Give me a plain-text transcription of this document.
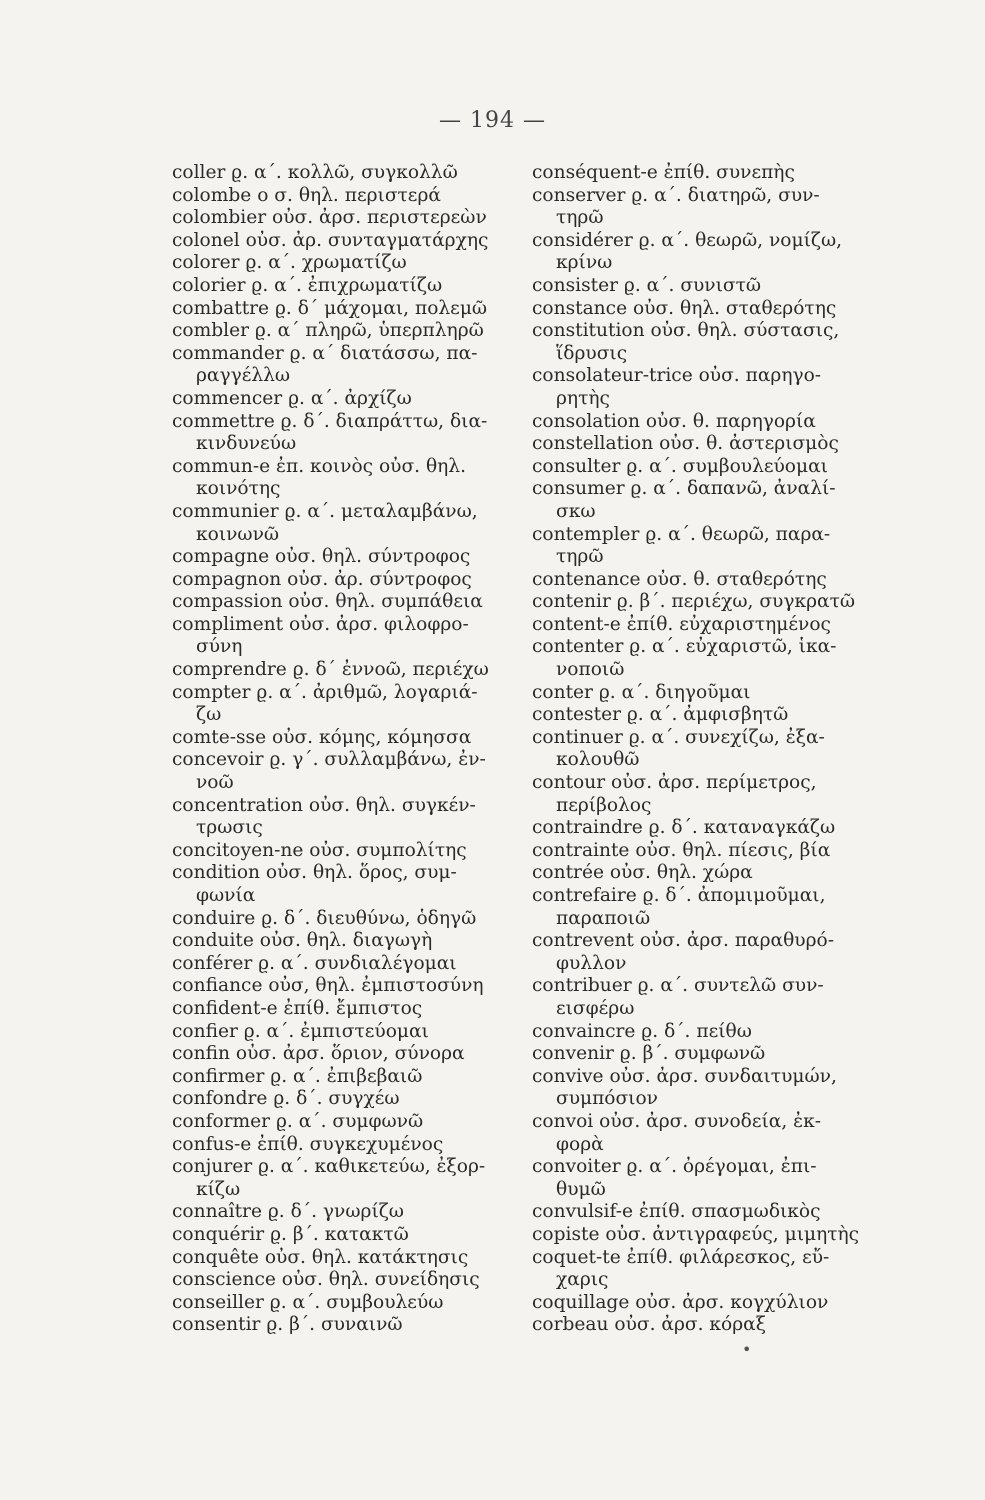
— 194 —
coller ϱ. α΄. κολλῶ, συγκολλῶ
colombe ο σ. θηλ. περιστερά
colombier οὐσ. ἀρσ. περιστερεὼν
colonel οὐσ. ἀρ. συνταγματάρχης
colorer ϱ. α΄. χρωματίζω
colorier ϱ. α΄. ἐπιχρωματίζω
combattre ϱ. δ΄ μάχομαι, πολεμῶ
combler ϱ. α΄ πληρῶ, ὑπερπληρῶ
commander ϱ. α΄ διατάσσω, πα-
ραγγέλλω
commencer ϱ. α΄. ἀρχίζω
commettre ϱ. δ΄. διαπράττω, δια-
κινδυνεύω
commun-e ἐπ. κοινὸς οὐσ. θηλ.
κοινότης
communier ϱ. α΄. μεταλαμβάνω,
κοινωνῶ
compagne οὐσ. θηλ. σύντροφος
compagnon οὐσ. ἀρ. σύντροφος
compassion οὐσ. θηλ. συμπάθεια
compliment οὐσ. ἀρσ. φιλοφρο-
σύνη
comprendre ϱ. δ΄ ἐννοῶ, περιέχω
compter ϱ. α΄. ἀριθμῶ, λογαριά-
ζω
comte-sse οὐσ. κόμης, κόμησσα
concevoir ϱ. γ΄. συλλαμβάνω, ἐν-
νοῶ
concentration οὐσ. θηλ. συγκέν-
τρωσις
concitoyen-ne οὐσ. συμπολίτης
condition οὐσ. θηλ. ὅρος, συμ-
φωνία
conduire ϱ. δ΄. διευθύνω, ὁδηγῶ
conduite οὐσ. θηλ. διαγωγὴ
conférer ϱ. α΄. συνδιαλέγομαι
confiance οὐσ, θηλ. ἐμπιστοσύνη
confident-e ἐπίθ. ἔμπιστος
confier ϱ. α΄. ἐμπιστεύομαι
confin οὐσ. ἀρσ. ὅριον, σύνορα
confirmer ϱ. α΄. ἐπιβεβαιῶ
confondre ϱ. δ΄. συγχέω
conformer ϱ. α΄. συμφωνῶ
confus-e ἐπίθ. συγκεχυμένος
conjurer ϱ. α΄. καθικετεύω, ἐξορ-
κίζω
connaître ϱ. δ΄. γνωρίζω
conquérir ϱ. β΄. κατακτῶ
conquête οὐσ. θηλ. κατάκτησις
conscience οὐσ. θηλ. συνείδησις
conseiller ϱ. α΄. συμβουλεύω
consentir ϱ. β΄. συναινῶ
conséquent-e ἐπίθ. συνεπὴς
conserver ϱ. α΄. διατηρῶ, συν-
τηρῶ
considérer ϱ. α΄. θεωρῶ, νομίζω,
κρίνω
consister ϱ. α΄. συνιστῶ
constance οὐσ. θηλ. σταθερότης
constitution οὐσ. θηλ. σύστασις,
ἵδρυσις
consolateur-trice οὐσ. παρηγο-
ρητὴς
consolation οὐσ. θ. παρηγορία
constellation οὐσ. θ. ἀστερισμὸς
consulter ϱ. α΄. συμβουλεύομαι
consumer ϱ. α΄. δαπανῶ, ἀναλί-
σκω
contempler ϱ. α΄. θεωρῶ, παρα-
τηρῶ
contenance οὐσ. θ. σταθερότης
contenir ϱ. β΄. περιέχω, συγκρατῶ
content-e ἐπίθ. εὐχαριστημένος
contenter ϱ. α΄. εὐχαριστῶ, ἱκα-
νοποιῶ
conter ϱ. α΄. διηγοῦμαι
contester ϱ. α΄. ἀμφισβητῶ
continuer ϱ. α΄. συνεχίζω, ἐξα-
κολουθῶ
contour οὐσ. ἀρσ. περίμετρος,
περίβολος
contraindre ϱ. δ΄. καταναγκάζω
contrainte οὐσ. θηλ. πίεσις, βία
contrée οὐσ. θηλ. χώρα
contrefaire ϱ. δ΄. ἀπομιμοῦμαι,
παραποιῶ
contrevent οὐσ. ἀρσ. παραθυρό-
φυλλον
contribuer ϱ. α΄. συντελῶ συν-
εισφέρω
convaincre ϱ. δ΄. πείθω
convenir ϱ. β΄. συμφωνῶ
convive οὐσ. ἀρσ. συνδαιτυμών,
συμπόσιον
convoi οὐσ. ἀρσ. συνοδεία, ἐκ-
φορὰ
convoiter ϱ. α΄. ὀρέγομαι, ἐπι-
θυμῶ
convulsif-e ἐπίθ. σπασμωδικὸς
copiste οὐσ. ἀντιγραφεύς, μιμητὴς
coquet-te ἐπίθ. φιλάρεσκος, εὔ-
χαρις
coquillage οὐσ. ἀρσ. κογχύλιον
corbeau οὐσ. ἀρσ. κόραξ
•
